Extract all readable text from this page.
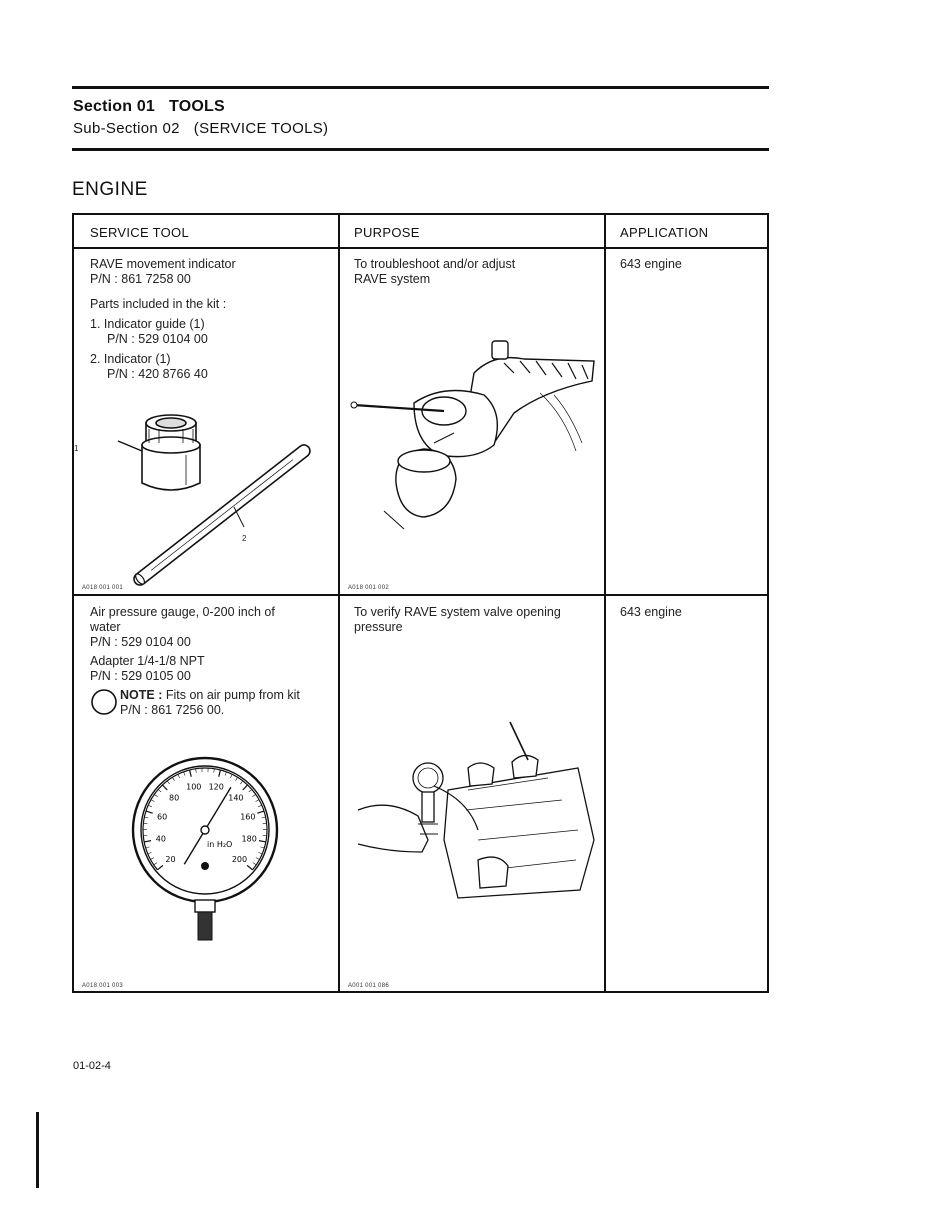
Section 01 TOOLS
Sub-Section 02 (SERVICE TOOLS)
ENGINE
SERVICE TOOL	PURPOSE	APPLICATION

RAVE movement indicator

P/N : 861 7258 00

Parts included in the kit :

1. Indicator guide (1)

P/N : 529 0104 00

2. Indicator (1)

P/N : 420 8766 40

1
2
A018 001 001

To troubleshoot and/or adjust

RAVE system

A018 001 002
643 engine

Air pressure gauge, 0-200 inch of

water

P/N : 529 0104 00

Adapter 1/4-1/8 NPT

P/N : 529 0105 00

NOTE : Fits on air pump from kit

P/N : 861 7256 00.

20
40
60
80
100 120
140
160
180
200
in H₂O
A018 001 003

To verify RAVE system valve opening

pressure

A001 001 086
643 engine
01-02-4
